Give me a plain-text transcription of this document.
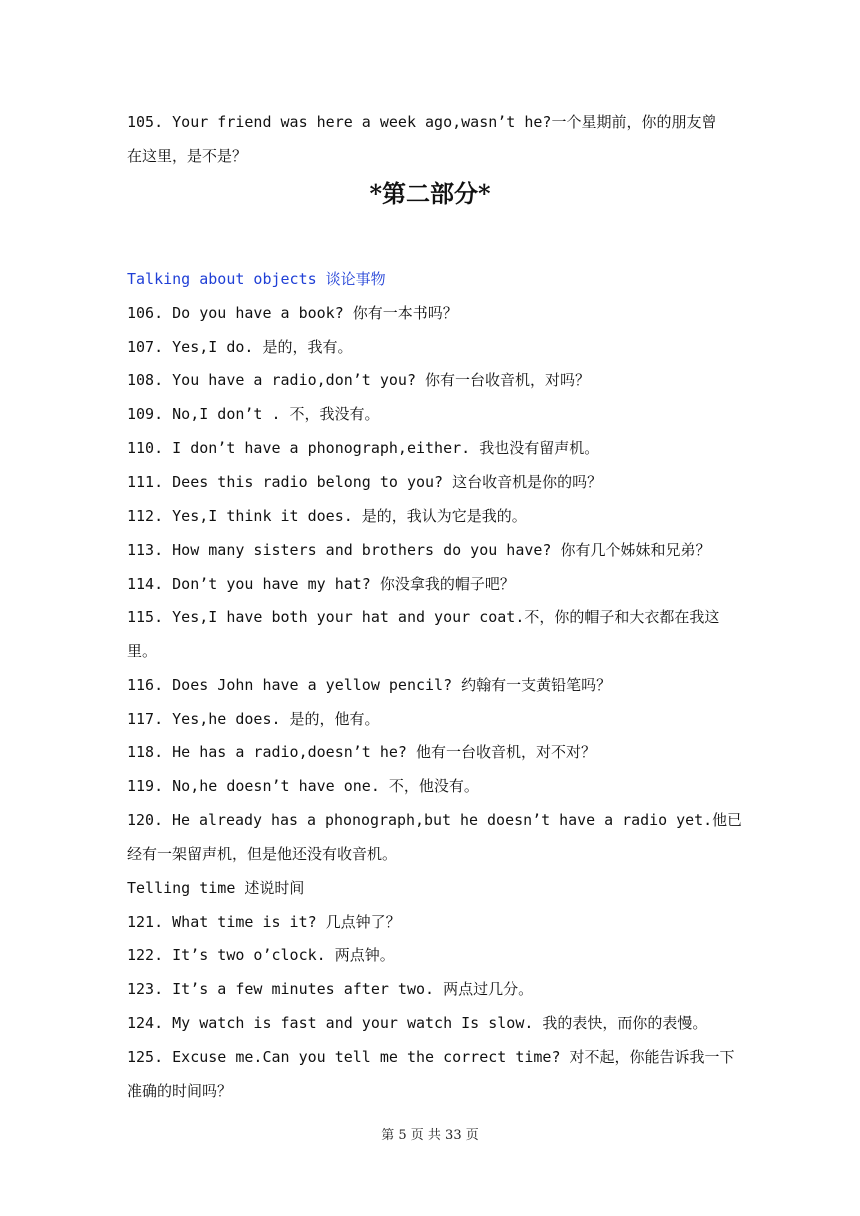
105. Your friend was here a week ago,wasn’t he?一个星期前，你的朋友曾
在这里，是不是？
*第二部分*
Talking about objects 谈论事物
106. Do you have a book? 你有一本书吗？
107. Yes,I do. 是的，我有。
108. You have a radio,don’t you? 你有一台收音机，对吗？
109. No,I don’t . 不，我没有。
110. I don’t have a phonograph,either. 我也没有留声机。
111. Dees this radio belong to you? 这台收音机是你的吗？
112. Yes,I think it does. 是的，我认为它是我的。
113. How many sisters and brothers do you have? 你有几个姊妹和兄弟？
114. Don’t you have my hat? 你没拿我的帽子吧？
115. Yes,I have both your hat and your coat.不，你的帽子和大衣都在我这
里。
116. Does John have a yellow pencil? 约翰有一支黄铅笔吗？
117. Yes,he does. 是的，他有。
118. He has a radio,doesn’t he? 他有一台收音机，对不对？
119. No,he doesn’t have one. 不，他没有。
120. He already has a phonograph,but he doesn’t have a radio yet.他已
经有一架留声机，但是他还没有收音机。
Telling time 述说时间
121. What time is it? 几点钟了？
122. It’s two o’clock. 两点钟。
123. It’s a few minutes after two. 两点过几分。
124. My watch is fast and your watch Is slow. 我的表快，而你的表慢。
125. Excuse me.Can you tell me the correct time? 对不起，你能告诉我一下
准确的时间吗？
第 5 页 共 33 页
